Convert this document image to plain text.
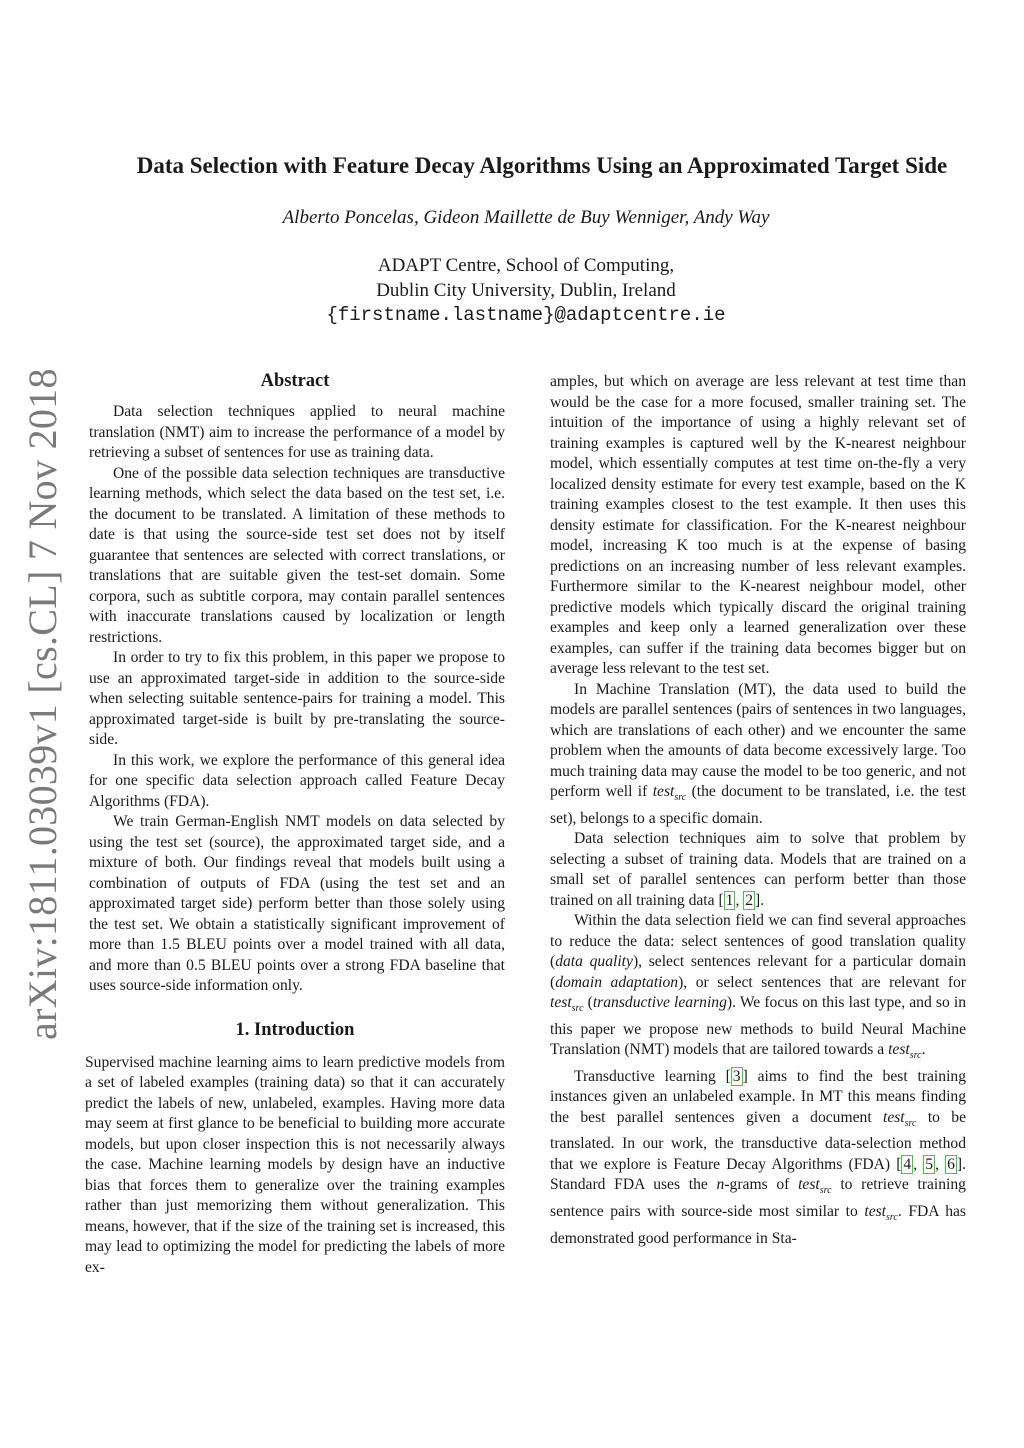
arXiv:1811.03039v1 [cs.CL] 7 Nov 2018
Data Selection with Feature Decay Algorithms Using an Approximated Target Side
Alberto Poncelas, Gideon Maillette de Buy Wenniger, Andy Way
ADAPT Centre, School of Computing,
Dublin City University, Dublin, Ireland
{firstname.lastname}@adaptcentre.ie
Abstract

Data selection techniques applied to neural machine translation (NMT) aim to increase the performance of a model by retrieving a subset of sentences for use as training data.

One of the possible data selection techniques are transductive learning methods, which select the data based on the test set, i.e. the document to be translated. A limitation of these methods to date is that using the source-side test set does not by itself guarantee that sentences are selected with correct translations, or translations that are suitable given the test-set domain. Some corpora, such as subtitle corpora, may contain parallel sentences with inaccurate translations caused by localization or length restrictions.

In order to try to fix this problem, in this paper we propose to use an approximated target-side in addition to the source-side when selecting suitable sentence-pairs for training a model. This approximated target-side is built by pre-translating the source-side.

In this work, we explore the performance of this general idea for one specific data selection approach called Feature Decay Algorithms (FDA).

We train German-English NMT models on data selected by using the test set (source), the approximated target side, and a mixture of both. Our findings reveal that models built using a combination of outputs of FDA (using the test set and an approximated target side) perform better than those solely using the test set. We obtain a statistically significant improvement of more than 1.5 BLEU points over a model trained with all data, and more than 0.5 BLEU points over a strong FDA baseline that uses source-side information only.

1. Introduction

Supervised machine learning aims to learn predictive models from a set of labeled examples (training data) so that it can accurately predict the labels of new, unlabeled, examples. Having more data may seem at first glance to be beneficial to building more accurate models, but upon closer inspection this is not necessarily always the case. Machine learning models by design have an inductive bias that forces them to generalize over the training examples rather than just memorizing them without generalization. This means, however, that if the size of the training set is increased, this may lead to optimizing the model for predicting the labels of more ex-

amples, but which on average are less relevant at test time than would be the case for a more focused, smaller training set. The intuition of the importance of using a highly relevant set of training examples is captured well by the K-nearest neighbour model, which essentially computes at test time on-the-fly a very localized density estimate for every test example, based on the K training examples closest to the test example. It then uses this density estimate for classification. For the K-nearest neighbour model, increasing K too much is at the expense of basing predictions on an increasing number of less relevant examples. Furthermore similar to the K-nearest neighbour model, other predictive models which typically discard the original training examples and keep only a learned generalization over these examples, can suffer if the training data becomes bigger but on average less relevant to the test set.

In Machine Translation (MT), the data used to build the models are parallel sentences (pairs of sentences in two languages, which are translations of each other) and we encounter the same problem when the amounts of data become excessively large. Too much training data may cause the model to be too generic, and not perform well if test$_{src}$ (the document to be translated, i.e. the test set), belongs to a specific domain.

Data selection techniques aim to solve that problem by selecting a subset of training data. Models that are trained on a small set of parallel sentences can perform better than those trained on all training data [ 1 , 2 ].

Within the data selection field we can find several approaches to reduce the data: select sentences of good translation quality (data quality), select sentences relevant for a particular domain (domain adaptation), or select sentences that are relevant for test$_{src}$ (transductive learning). We focus on this last type, and so in this paper we propose new methods to build Neural Machine Translation (NMT) models that are tailored towards a test$_{src}$.

Transductive learning [ 3 ] aims to find the best training instances given an unlabeled example. In MT this means finding the best parallel sentences given a document test$_{src}$ to be translated. In our work, the transductive data-selection method that we explore is Feature Decay Algorithms (FDA) [ 4 , 5 , 6 ]. Standard FDA uses the n-grams of test$_{src}$ to retrieve training sentence pairs with source-side most similar to test$_{src}$. FDA has demonstrated good performance in Sta-
